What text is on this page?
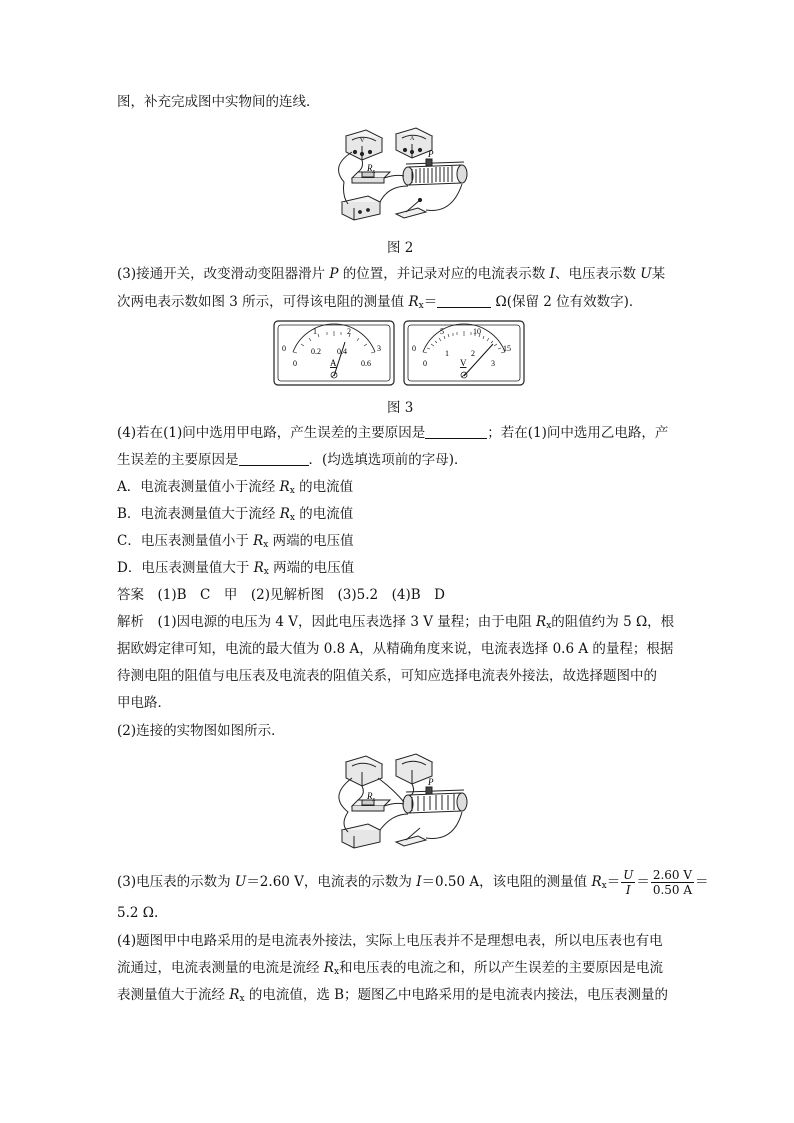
图，补充完成图中实物间的连线．
$R_x$
P
V	A
图 2
(3)接通开关，改变滑动变阻器滑片 P 的位置，并记录对应的电流表示数 I、电压表示数 U某
次两电表示数如图 3 所示，可得该电阻的测量值 $R_x=$	Ω(保留 2 位有效数字)．
0
1	2
3
0.2 0.4
0	0.6
A
0
5	10
15
0
1	2
3
V
图 3
(4)若在(1)问中选用甲电路，产生误差的主要原因是	；若在(1)问中选用乙电路，产
生误差的主要原因是	．(均选填选项前的字母)．
A．电流表测量值小于流经 $R_x$ 的电流值
B．电流表测量值大于流经 $R_x$ 的电流值
C．电压表测量值小于 $R_x$ 两端的电压值
D．电压表测量值大于 $R_x$ 两端的电压值
答案　(1)B　C　甲　(2)见解析图　(3)5.2　(4)B　D
解析　(1)因电源的电压为 4 V，因此电压表选择 3 V 量程；由于电阻 $R_x$的阻值约为 5 Ω，根
据欧姆定律可知，电流的最大值为 0.8 A，从精确角度来说，电流表选择 0.6 A 的量程；根据
待测电阻的阻值与电压表及电流表的阻值关系，可知应选择电流表外接法，故选择题图中的
甲电路．
(2)连接的实物图如图所示．
$R_x$
P
(3)电压表的示数为 U＝2.60 V，电流表的示数为 I＝0.50 A，该电阻的测量值 $R_x= \frac{U}{I} = \frac{2.60 V}{0.50 A}$ ＝
5.2 Ω.
(4)题图甲中电路采用的是电流表外接法，实际上电压表并不是理想电表，所以电压表也有电
流通过，电流表测量的电流是流经 $R_x$和电压表的电流之和，所以产生误差的主要原因是电流
表测量值大于流经 $R_x$ 的电流值，选 B；题图乙中电路采用的是电流表内接法，电压表测量的
